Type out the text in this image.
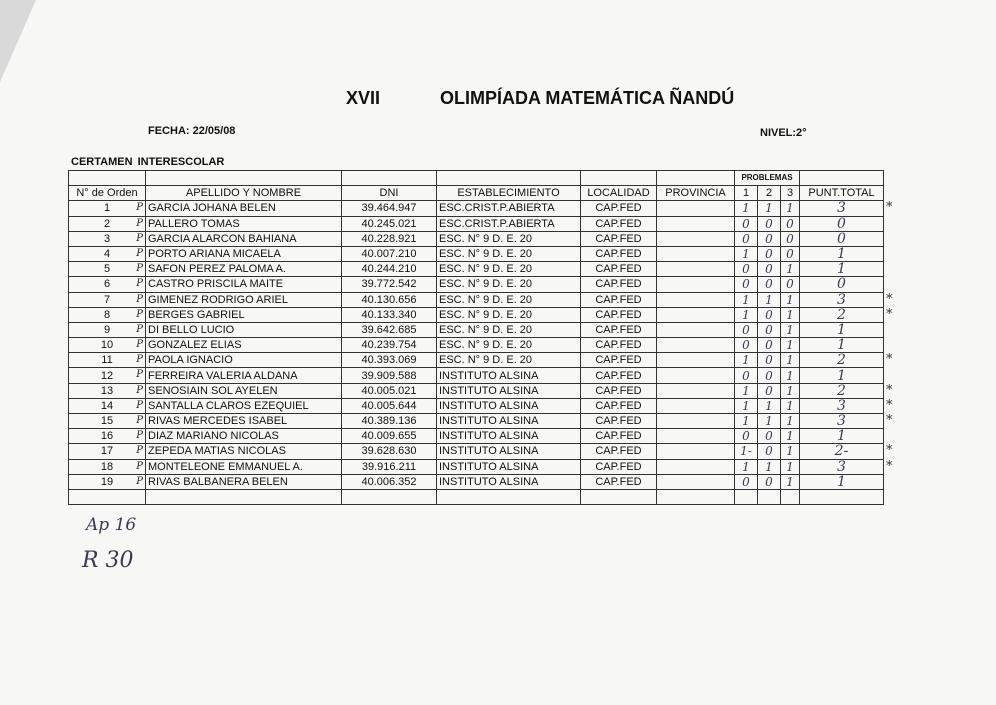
XVII	OLIMPÍADA MATEMÁTICA ÑANDÚ
FECHA: 22/05/08	NIVEL:2°
CERTAMEN INTERESCOLAR
						PROBLEMAS				
N° de Orden	APELLIDO Y NOMBRE	DNI	ESTABLECIMIENTO	LOCALIDAD	PROVINCIA	1	2	3	PUNT.TOTAL	
1 P	GARCIA JOHANA BELEN	39.464.947	ESC.CRIST.P.ABIERTA	CAP.FED		1	1	1	3	*
2 P	PALLERO TOMAS	40.245.021	ESC.CRIST.P.ABIERTA	CAP.FED		0	0	0	0	
3 P	GARCIA ALARCON BAHIANA	40.228.921	ESC. N° 9 D. E. 20	CAP.FED		0	0	0	0	
4 P	PORTO ARIANA MICAELA	40.007.210	ESC. N° 9 D. E. 20	CAP.FED		1	0	0	1	
5 P	SAFON PEREZ PALOMA A.	40.244.210	ESC. N° 9 D. E. 20	CAP.FED		0	0	1	1	
6 P	CASTRO PRISCILA MAITE	39.772.542	ESC. N° 9 D. E. 20	CAP.FED		0	0	0	0	
7 P	GIMENEZ RODRIGO ARIEL	40.130.656	ESC. N° 9 D. E. 20	CAP.FED		1	1	1	3	*
8 P	BERGES GABRIEL	40.133.340	ESC. N° 9 D. E. 20	CAP.FED		1	0	1	2	*
9 P	DI BELLO LUCIO	39.642.685	ESC. N° 9 D. E. 20	CAP.FED		0	0	1	1	
10 P	GONZALEZ ELIAS	40.239.754	ESC. N° 9 D. E. 20	CAP.FED		0	0	1	1	
11 P	PAOLA IGNACIO	40.393.069	ESC. N° 9 D. E. 20	CAP.FED		1	0	1	2	*
12 P	FERREIRA VALERIA ALDANA	39.909.588	INSTITUTO ALSINA	CAP.FED		0	0	1	1	
13 P	SENOSIAIN SOL AYELEN	40.005.021	INSTITUTO ALSINA	CAP.FED		1	0	1	2	*
14 P	SANTALLA CLAROS EZEQUIEL	40.005.644	INSTITUTO ALSINA	CAP.FED		1	1	1	3	*
15 P	RIVAS MERCEDES ISABEL	40.389.136	INSTITUTO ALSINA	CAP.FED		1	1	1	3	*
16 P	DIAZ MARIANO NICOLAS	40.009.655	INSTITUTO ALSINA	CAP.FED		0	0	1	1	
17 P	ZEPEDA MATIAS NICOLAS	39.628.630	INSTITUTO ALSINA	CAP.FED		1-	0	1	2-	*
18 P	MONTELEONE EMMANUEL A.	39.916.211	INSTITUTO ALSINA	CAP.FED		1	1	1	3	*
19 P	RIVAS BALBANERA BELEN	40.006.352	INSTITUTO ALSINA	CAP.FED		0	0	1	1	

Ap 16
R 30
